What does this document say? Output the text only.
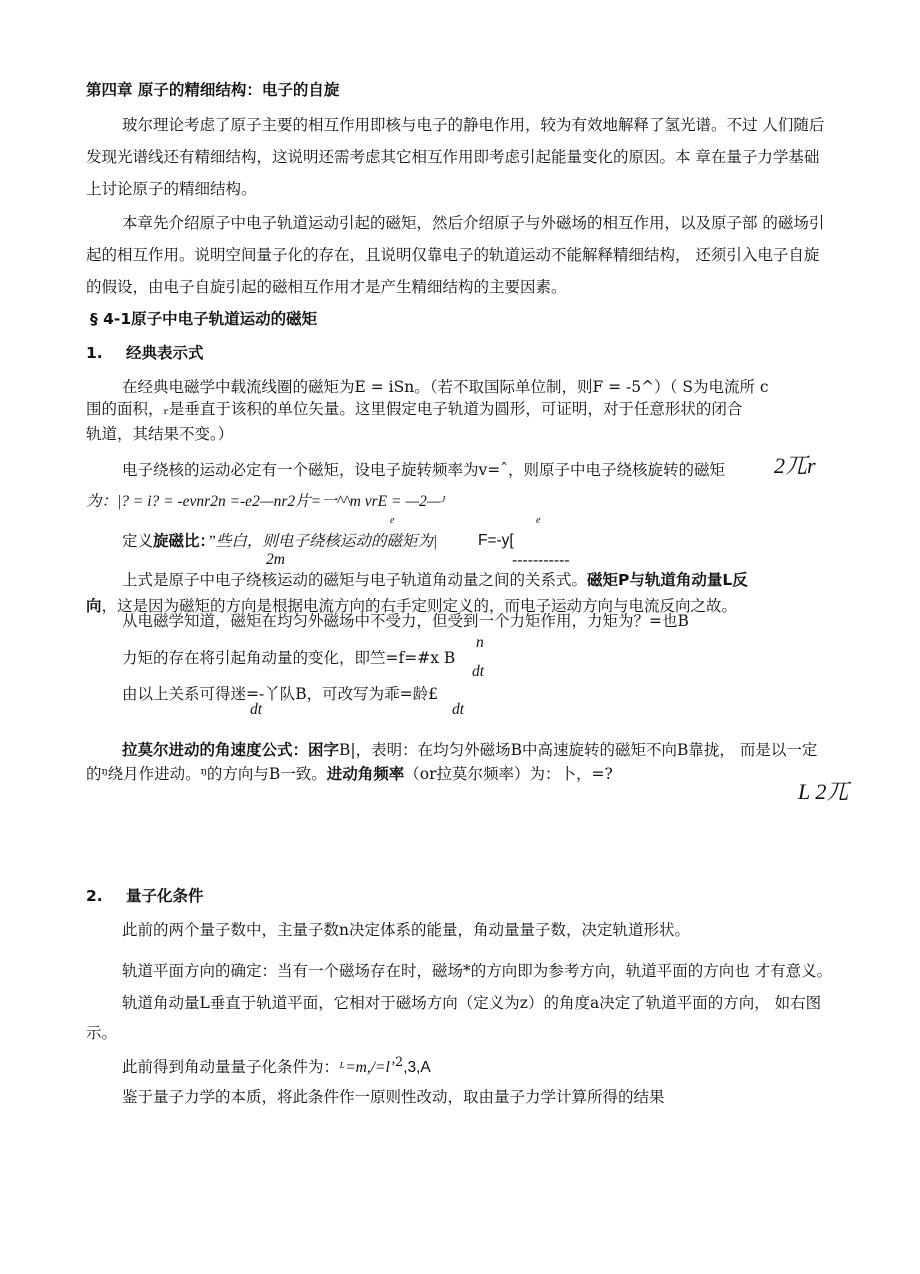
第四章 原子的精细结构：电子的自旋
玻尔理论考虑了原子主要的相互作用即核与电子的静电作用，较为有效地解释了氢光谱。不过 人们随后
发现光谱线还有精细结构，这说明还需考虑其它相互作用即考虑引起能量变化的原因。本 章在量子力学基础
上讨论原子的精细结构。
本章先介绍原子中电子轨道运动引起的磁矩，然后介绍原子与外磁场的相互作用，以及原子部 的磁场引
起的相互作用。说明空间量子化的存在，且说明仅靠电子的轨道运动不能解释精细结构， 还须引入电子自旋
的假设，由电子自旋引起的磁相互作用才是产生精细结构的主要因素。
§ 4-1原子中电子轨道运动的磁矩
1. 经典表示式
在经典电磁学中载流线圈的磁矩为E = iSn。（若不取国际单位制，则F = -5^）（ S为电流所 c
围的面积，ᵣ是垂直于该积的单位矢量。这里假定电子轨道为圆形，可证明，对于任意形状的闭合
轨道，其结果不变。）
电子绕核的运动必定有一个磁矩，设电子旋转频率为v=ˆ，则原子中电子绕核旋转的磁矩 2兀r
为：|? = i? = -evnr2n =-e2—nr2片=一^^m vrE = —2—ᴶ
e	e
定义旋磁比：”些白，则电子绕核运动的磁矩为|	F=-y[
2m	-----------
上式是原子中电子绕核运动的磁矩与电子轨道角动量之间的关系式。磁矩P与轨道角动量L反
向，这是因为磁矩的方向是根据电流方向的右手定则定义的，而电子运动方向与电流反向之故。
从电磁学知道，磁矩在均匀外磁场中不受力，但受到一个力矩作用，力矩为？=也B
n
力矩的存在将引起角动量的变化，即竺=f=#x B
dt
由以上关系可得迷=-丫队B，可改写为乖=龄£
dt	dt
拉莫尔进动的角速度公式：困字B|，表明：在均匀外磁场B中高速旋转的磁矩不向B靠拢， 而是以一定
的ᵑ绕月作进动。ᵑ的方向与B一致。进动角频率（or拉莫尔频率）为：卜，=?
L 2兀
2. 量子化条件
此前的两个量子数中，主量子数n决定体系的能量，角动量量子数，决定轨道形状。
轨道平面方向的确定：当有一个磁场存在时，磁场*的方向即为参考方向，轨道平面的方向也 才有意义。
轨道角动量L垂直于轨道平面，它相对于磁场方向（定义为z）的角度a决定了轨道平面的方向， 如右图
示。
此前得到角动量量子化条件为：ᴸ=m,/=l’$^2$,3,A
鉴于量子力学的本质，将此条件作一原则性改动，取由量子力学计算所得的结果
